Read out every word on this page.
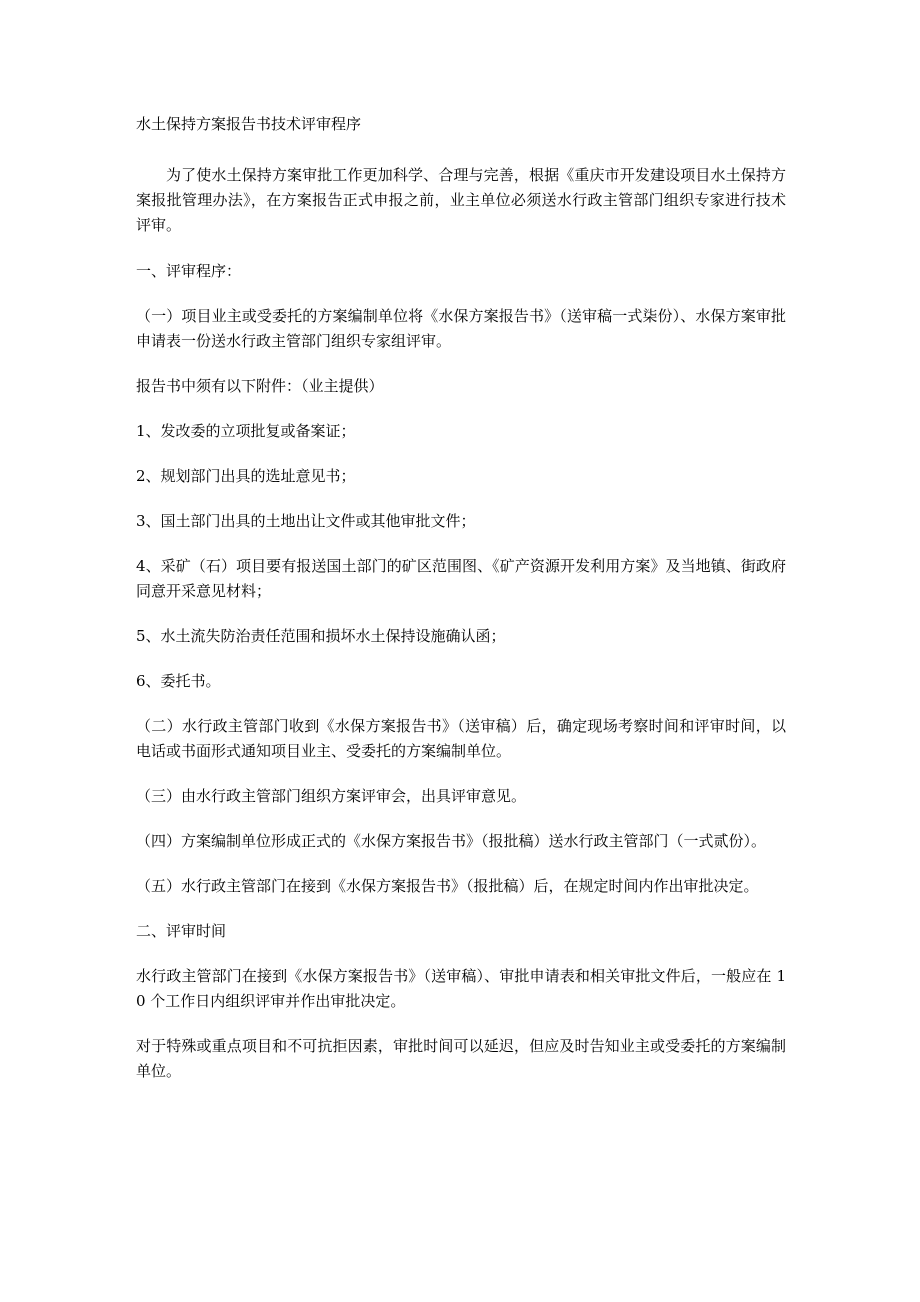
水土保持方案报告书技术评审程序

为了使水土保持方案审批工作更加科学、合理与完善，根据《重庆市开发建设项目水土保持方案报批管理办法》，在方案报告正式申报之前，业主单位必须送水行政主管部门组织专家进行技术评审。

一、评审程序：

（一）项目业主或受委托的方案编制单位将《水保方案报告书》（送审稿一式柒份）、水保方案审批申请表一份送水行政主管部门组织专家组评审。

报告书中须有以下附件：（业主提供）

1、发改委的立项批复或备案证；

2、规划部门出具的选址意见书；

3、国土部门出具的土地出让文件或其他审批文件；

4、采矿（石）项目要有报送国土部门的矿区范围图、《矿产资源开发利用方案》及当地镇、街政府同意开采意见材料；

5、水土流失防治责任范围和损坏水土保持设施确认函；

6、委托书。

（二）水行政主管部门收到《水保方案报告书》（送审稿）后，确定现场考察时间和评审时间，以电话或书面形式通知项目业主、受委托的方案编制单位。

（三）由水行政主管部门组织方案评审会，出具评审意见。

（四）方案编制单位形成正式的《水保方案报告书》（报批稿）送水行政主管部门（一式贰份）。

（五）水行政主管部门在接到《水保方案报告书》（报批稿）后，在规定时间内作出审批决定。

二、评审时间

水行政主管部门在接到《水保方案报告书》（送审稿）、审批申请表和相关审批文件后，一般应在 10 个工作日内组织评审并作出审批决定。

对于特殊或重点项目和不可抗拒因素，审批时间可以延迟，但应及时告知业主或受委托的方案编制单位。
